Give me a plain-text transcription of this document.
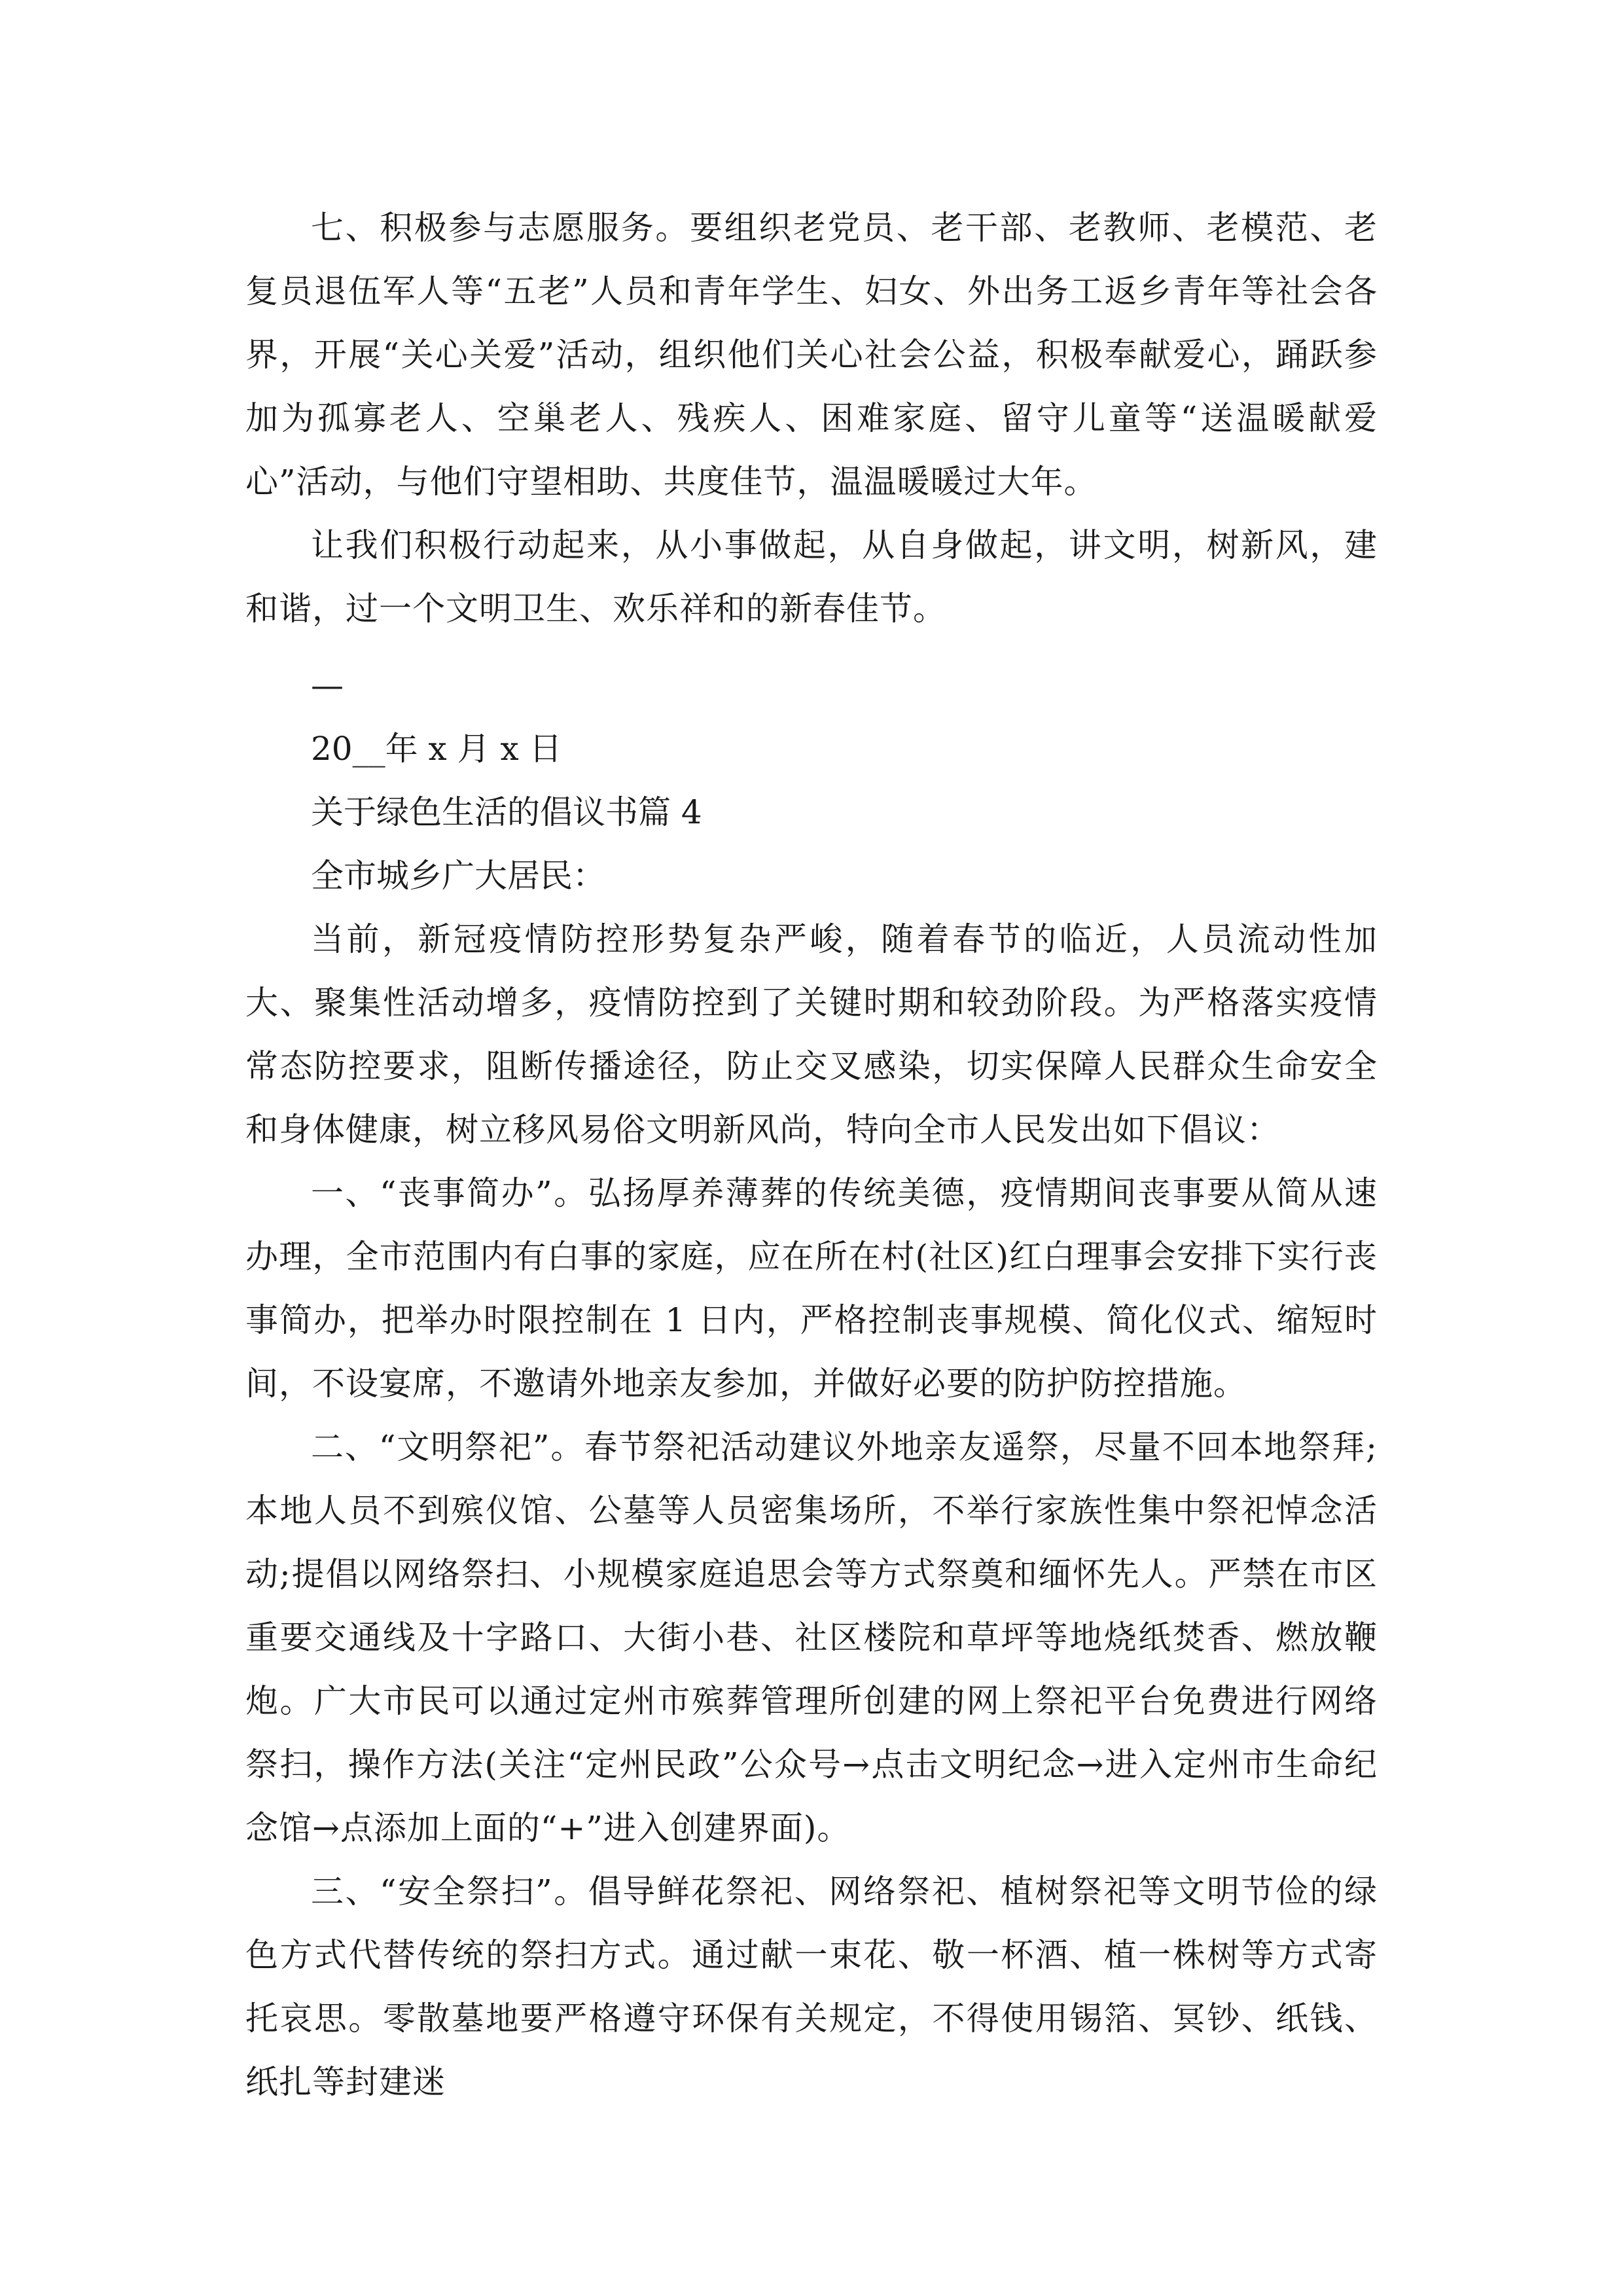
七、积极参与志愿服务。要组织老党员、老干部、老教师、老模范、老复员退伍军人等“五老”人员和青年学生、妇女、外出务工返乡青年等社会各界，开展“关心关爱”活动，组织他们关心社会公益，积极奉献爱心，踊跃参加为孤寡老人、空巢老人、残疾人、困难家庭、留守儿童等“送温暖献爱心”活动，与他们守望相助、共度佳节，温温暖暖过大年。

让我们积极行动起来，从小事做起，从自身做起，讲文明，树新风，建和谐，过一个文明卫生、欢乐祥和的新春佳节。

—

20__年 x 月 x 日

关于绿色生活的倡议书篇 4

全市城乡广大居民：

当前，新冠疫情防控形势复杂严峻，随着春节的临近，人员流动性加大、聚集性活动增多，疫情防控到了关键时期和较劲阶段。为严格落实疫情常态防控要求，阻断传播途径，防止交叉感染，切实保障人民群众生命安全和身体健康，树立移风易俗文明新风尚，特向全市人民发出如下倡议：

一、“丧事简办”。弘扬厚养薄葬的传统美德，疫情期间丧事要从简从速办理，全市范围内有白事的家庭，应在所在村(社区)红白理事会安排下实行丧事简办，把举办时限控制在 1 日内，严格控制丧事规模、简化仪式、缩短时间，不设宴席，不邀请外地亲友参加，并做好必要的防护防控措施。

二、“文明祭祀”。春节祭祀活动建议外地亲友遥祭，尽量不回本地祭拜;本地人员不到殡仪馆、公墓等人员密集场所，不举行家族性集中祭祀悼念活动;提倡以网络祭扫、小规模家庭追思会等方式祭奠和缅怀先人。严禁在市区重要交通线及十字路口、大街小巷、社区楼院和草坪等地烧纸焚香、燃放鞭炮。广大市民可以通过定州市殡葬管理所创建的网上祭祀平台免费进行网络祭扫，操作方法(关注“定州民政”公众号→点击文明纪念→进入定州市生命纪念馆→点添加上面的“+”进入创建界面)。

三、“安全祭扫”。倡导鲜花祭祀、网络祭祀、植树祭祀等文明节俭的绿色方式代替传统的祭扫方式。通过献一束花、敬一杯酒、植一株树等方式寄托哀思。零散墓地要严格遵守环保有关规定，不得使用锡箔、冥钞、纸钱、纸扎等封建迷
